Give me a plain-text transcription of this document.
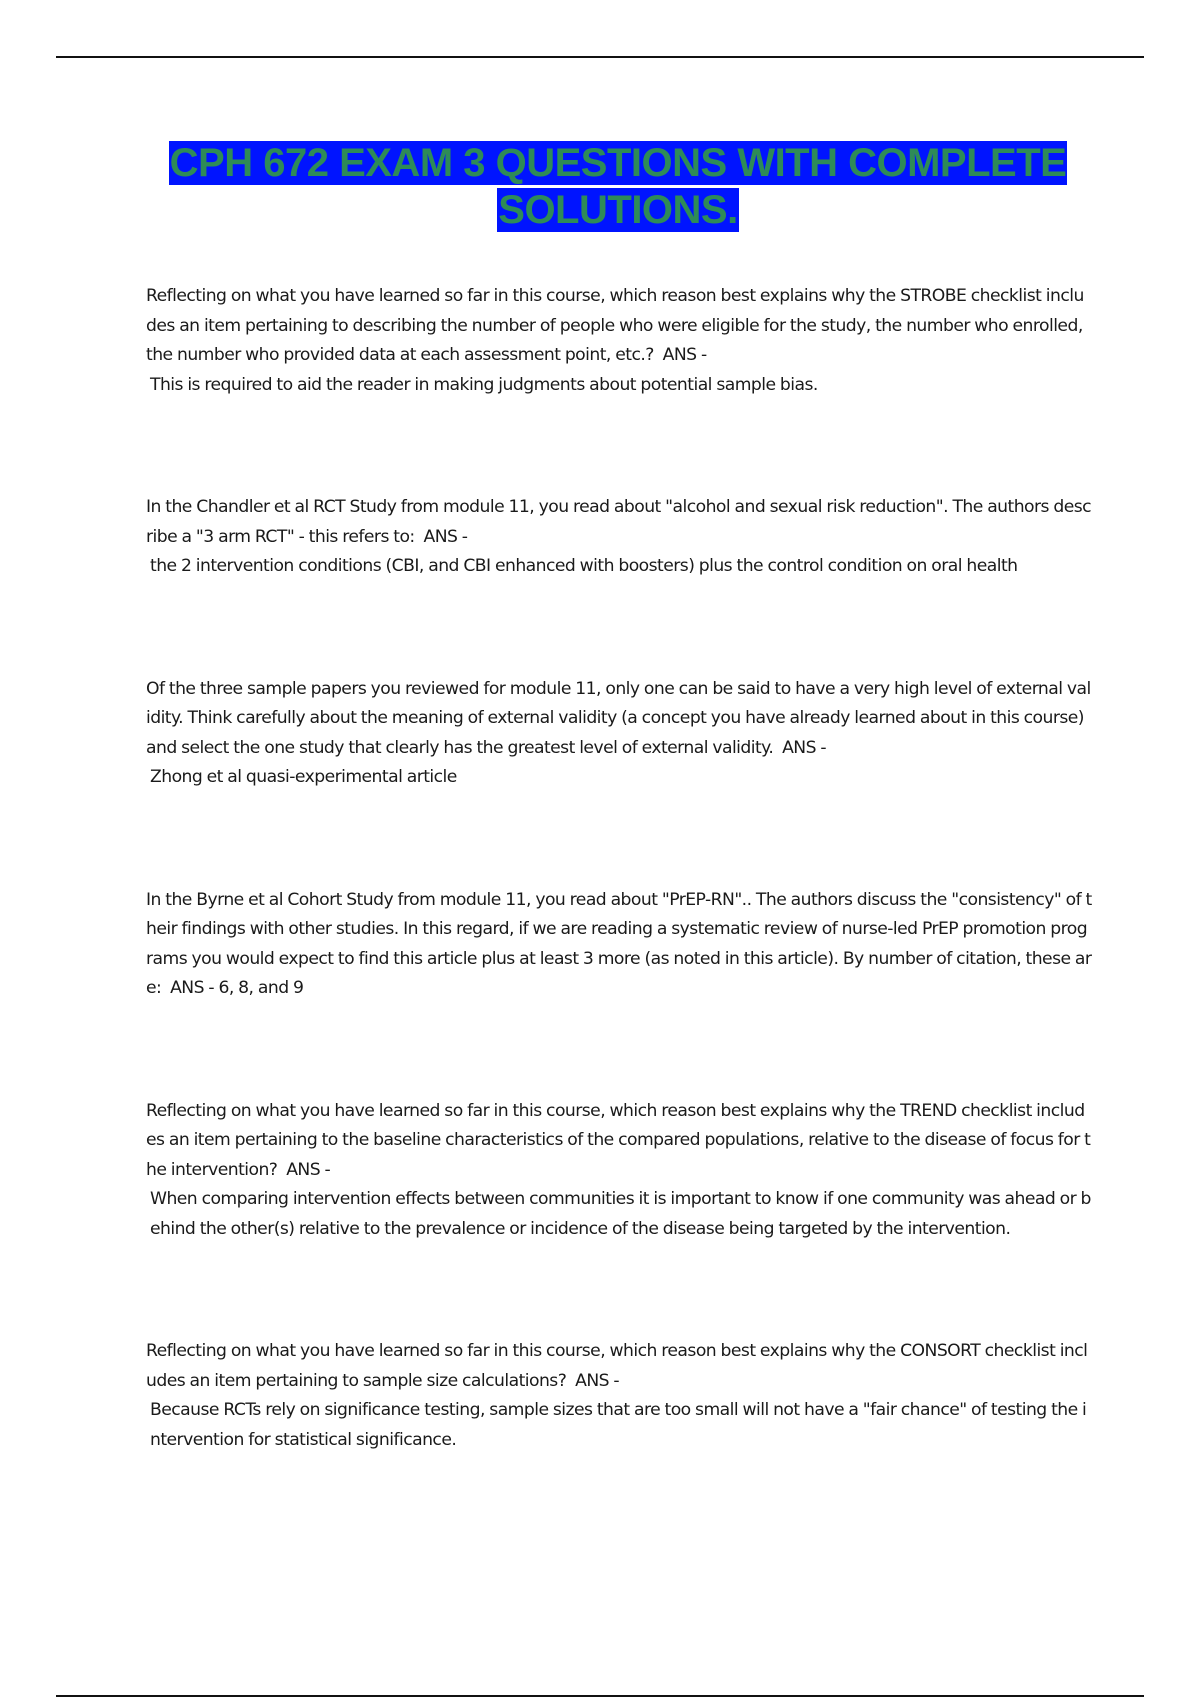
CPH 672 EXAM 3 QUESTIONS WITH COMPLETE
SOLUTIONS.

Reflecting on what you have learned so far in this course, which reason best explains why the STROBE checklist includes an item pertaining to describing the number of people who were eligible for the study, the number who enrolled, the number who provided data at each assessment point, etc.?  ANS -

This is required to aid the reader in making judgments about potential sample bias.

In the Chandler et al RCT Study from module 11, you read about "alcohol and sexual risk reduction". The authors describe a "3 arm RCT" - this refers to:  ANS -

the 2 intervention conditions (CBI, and CBI enhanced with boosters) plus the control condition on oral health

Of the three sample papers you reviewed for module 11, only one can be said to have a very high level of external validity. Think carefully about the meaning of external validity (a concept you have already learned about in this course) and select the one study that clearly has the greatest level of external validity.  ANS -

Zhong et al quasi-experimental article

In the Byrne et al Cohort Study from module 11, you read about "PrEP-RN".. The authors discuss the "consistency" of their findings with other studies. In this regard, if we are reading a systematic review of nurse-led PrEP promotion programs you would expect to find this article plus at least 3 more (as noted in this article). By number of citation, these are:  ANS - 6, 8, and 9

Reflecting on what you have learned so far in this course, which reason best explains why the TREND checklist includes an item pertaining to the baseline characteristics of the compared populations, relative to the disease of focus for the intervention?  ANS -

When comparing intervention effects between communities it is important to know if one community was ahead or behind the other(s) relative to the prevalence or incidence of the disease being targeted by the intervention.

Reflecting on what you have learned so far in this course, which reason best explains why the CONSORT checklist includes an item pertaining to sample size calculations?  ANS -

Because RCTs rely on significance testing, sample sizes that are too small will not have a "fair chance" of testing the intervention for statistical significance.
